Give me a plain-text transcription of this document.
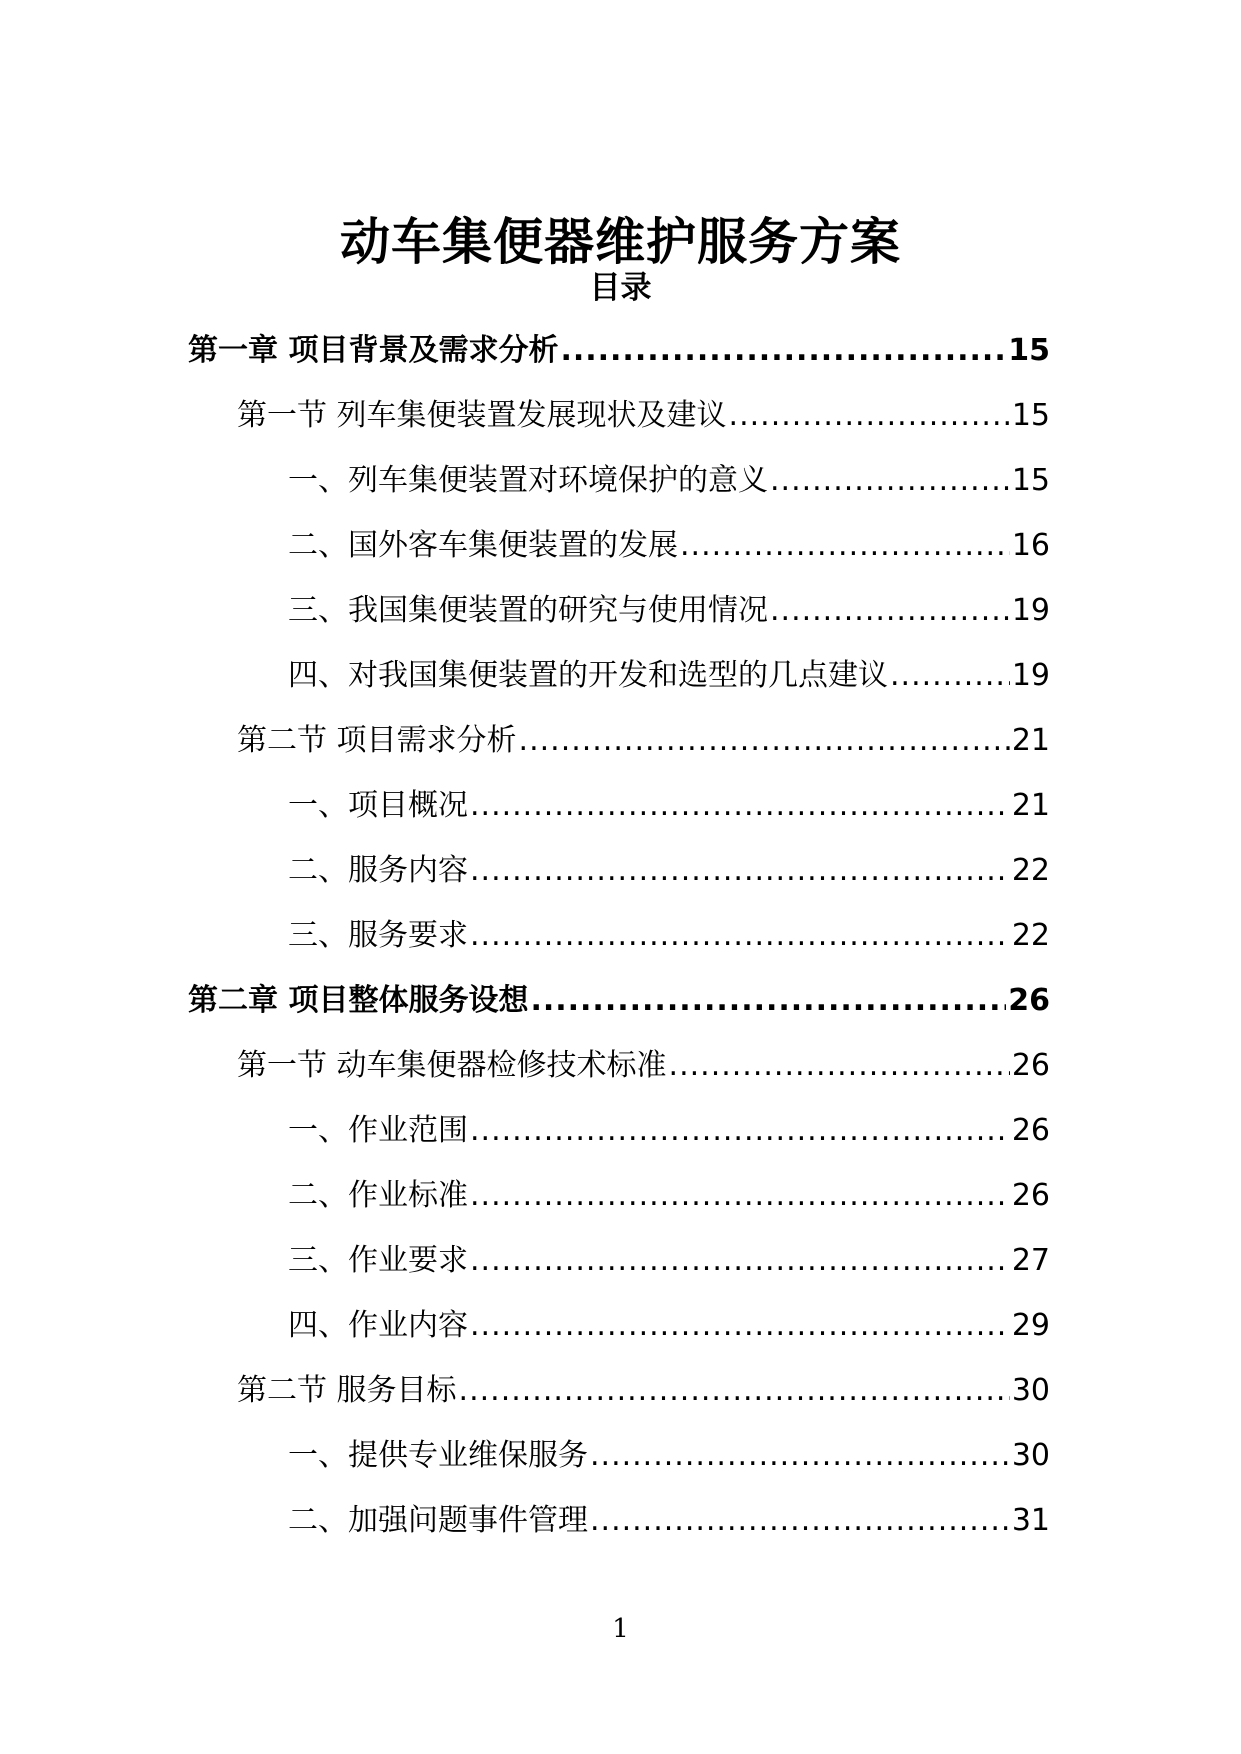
动车集便器维护服务方案
目录
第一章 项目背景及需求分析 .....	15
第一节 列车集便装置发展现状及建议 .....	15
一、列车集便装置对环境保护的意义 .....	15
二、国外客车集便装置的发展 .....	16
三、我国集便装置的研究与使用情况 .....	19
四、对我国集便装置的开发和选型的几点建议 .....	19
第二节 项目需求分析 .....	21
一、项目概况 .....	21
二、服务内容 .....	22
三、服务要求 .....	22
第二章 项目整体服务设想 .....	26
第一节 动车集便器检修技术标准 .....	26
一、作业范围 .....	26
二、作业标准 .....	26
三、作业要求 .....	27
四、作业内容 .....	29
第二节 服务目标 .....	30
一、提供专业维保服务 .....	30
二、加强问题事件管理 .....	31
1
